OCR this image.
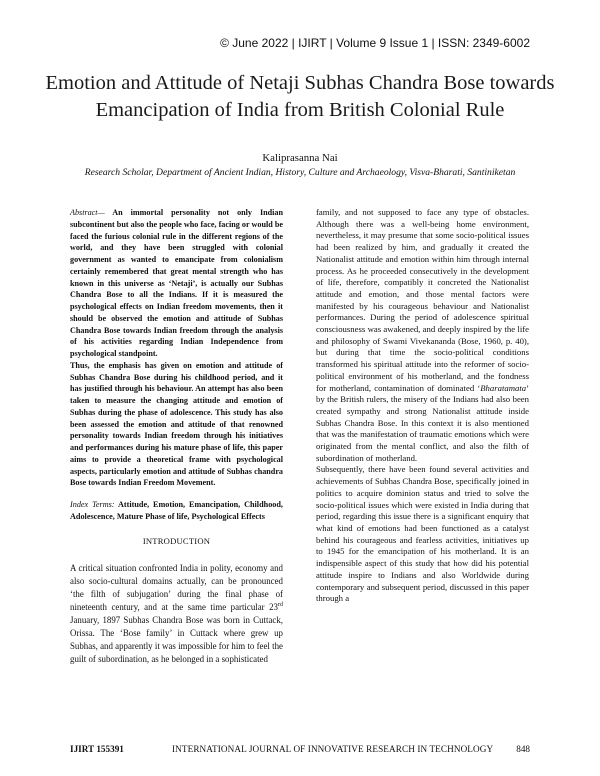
© June 2022 | IJIRT | Volume 9 Issue 1 | ISSN: 2349-6002
Emotion and Attitude of Netaji Subhas Chandra Bose towards Emancipation of India from British Colonial Rule
Kaliprasanna Nai
Research Scholar, Department of Ancient Indian, History, Culture and Archaeology, Visva-Bharati, Santiniketan

Abstract— An immortal personality not only Indian subcontinent but also the people who face, facing or would be faced the furious colonial rule in the different regions of the world, and they have been struggled with colonial government as wanted to emancipate from colonialism certainly remembered that great mental strength who has known in this universe as ‘Netaji’, is actually our Subhas Chandra Bose to all the Indians. If it is measured the psychological effects on Indian freedom movements, then it should be observed the emotion and attitude of Subhas Chandra Bose towards Indian freedom through the analysis of his activities regarding Indian Independence from psychological standpoint.

Thus, the emphasis has given on emotion and attitude of Subhas Chandra Bose during his childhood period, and it has justified through his behaviour. An attempt has also been taken to measure the changing attitude and emotion of Subhas during the phase of adolescence. This study has also been assessed the emotion and attitude of that renowned personality towards Indian freedom through his initiatives and performances during his mature phase of life, this paper aims to provide a theoretical frame with psychological aspects, particularly emotion and attitude of Subhas chandra Bose towards Indian Freedom Movement.

Index Terms: Attitude, Emotion, Emancipation, Childhood, Adolescence, Mature Phase of life, Psychological Effects

INTRODUCTION

A critical situation confronted India in polity, economy and also socio-cultural domains actually, can be pronounced ‘the filth of subjugation’ during the final phase of nineteenth century, and at the same time particular 23rd January, 1897 Subhas Chandra Bose was born in Cuttack, Orissa. The ‘Bose family’ in Cuttack where grew up Subhas, and apparently it was impossible for him to feel the guilt of subordination, as he belonged in a sophisticated

family, and not supposed to face any type of obstacles. Although there was a well-being home environment, nevertheless, it may presume that some socio-political issues had been realized by him, and gradually it created the Nationalist attitude and emotion within him through internal process. As he proceeded consecutively in the development of life, therefore, compatibly it concreted the Nationalist attitude and emotion, and those mental factors were manifested by his courageous behaviour and Nationalist performances. During the period of adolescence spiritual consciousness was awakened, and deeply inspired by the life and philosophy of Swami Vivekananda (Bose, 1960, p. 40), but during that time the socio-political conditions transformed his spiritual attitude into the reformer of socio-political environment of his motherland, and the fondness for motherland, contamination of dominated ‘Bharatamata’ by the British rulers, the misery of the Indians had also been created sympathy and strong Nationalist attitude inside Subhas Chandra Bose. In this context it is also mentioned that was the manifestation of traumatic emotions which were originated from the mental conflict, and also the filth of subordination of motherland.

Subsequently, there have been found several activities and achievements of Subhas Chandra Bose, specifically joined in politics to acquire dominion status and tried to solve the socio-political issues which were existed in India during that period, regarding this issue there is a significant enquiry that what kind of emotions had been functioned as a catalyst behind his courageous and fearless activities, initiatives up to 1945 for the emancipation of his motherland. It is an indispensible aspect of this study that how did his potential attitude inspire to Indians and also Worldwide during contemporary and subsequent period, discussed in this paper through a

IJIRT 155391	INTERNATIONAL JOURNAL OF INNOVATIVE RESEARCH IN TECHNOLOGY 848
